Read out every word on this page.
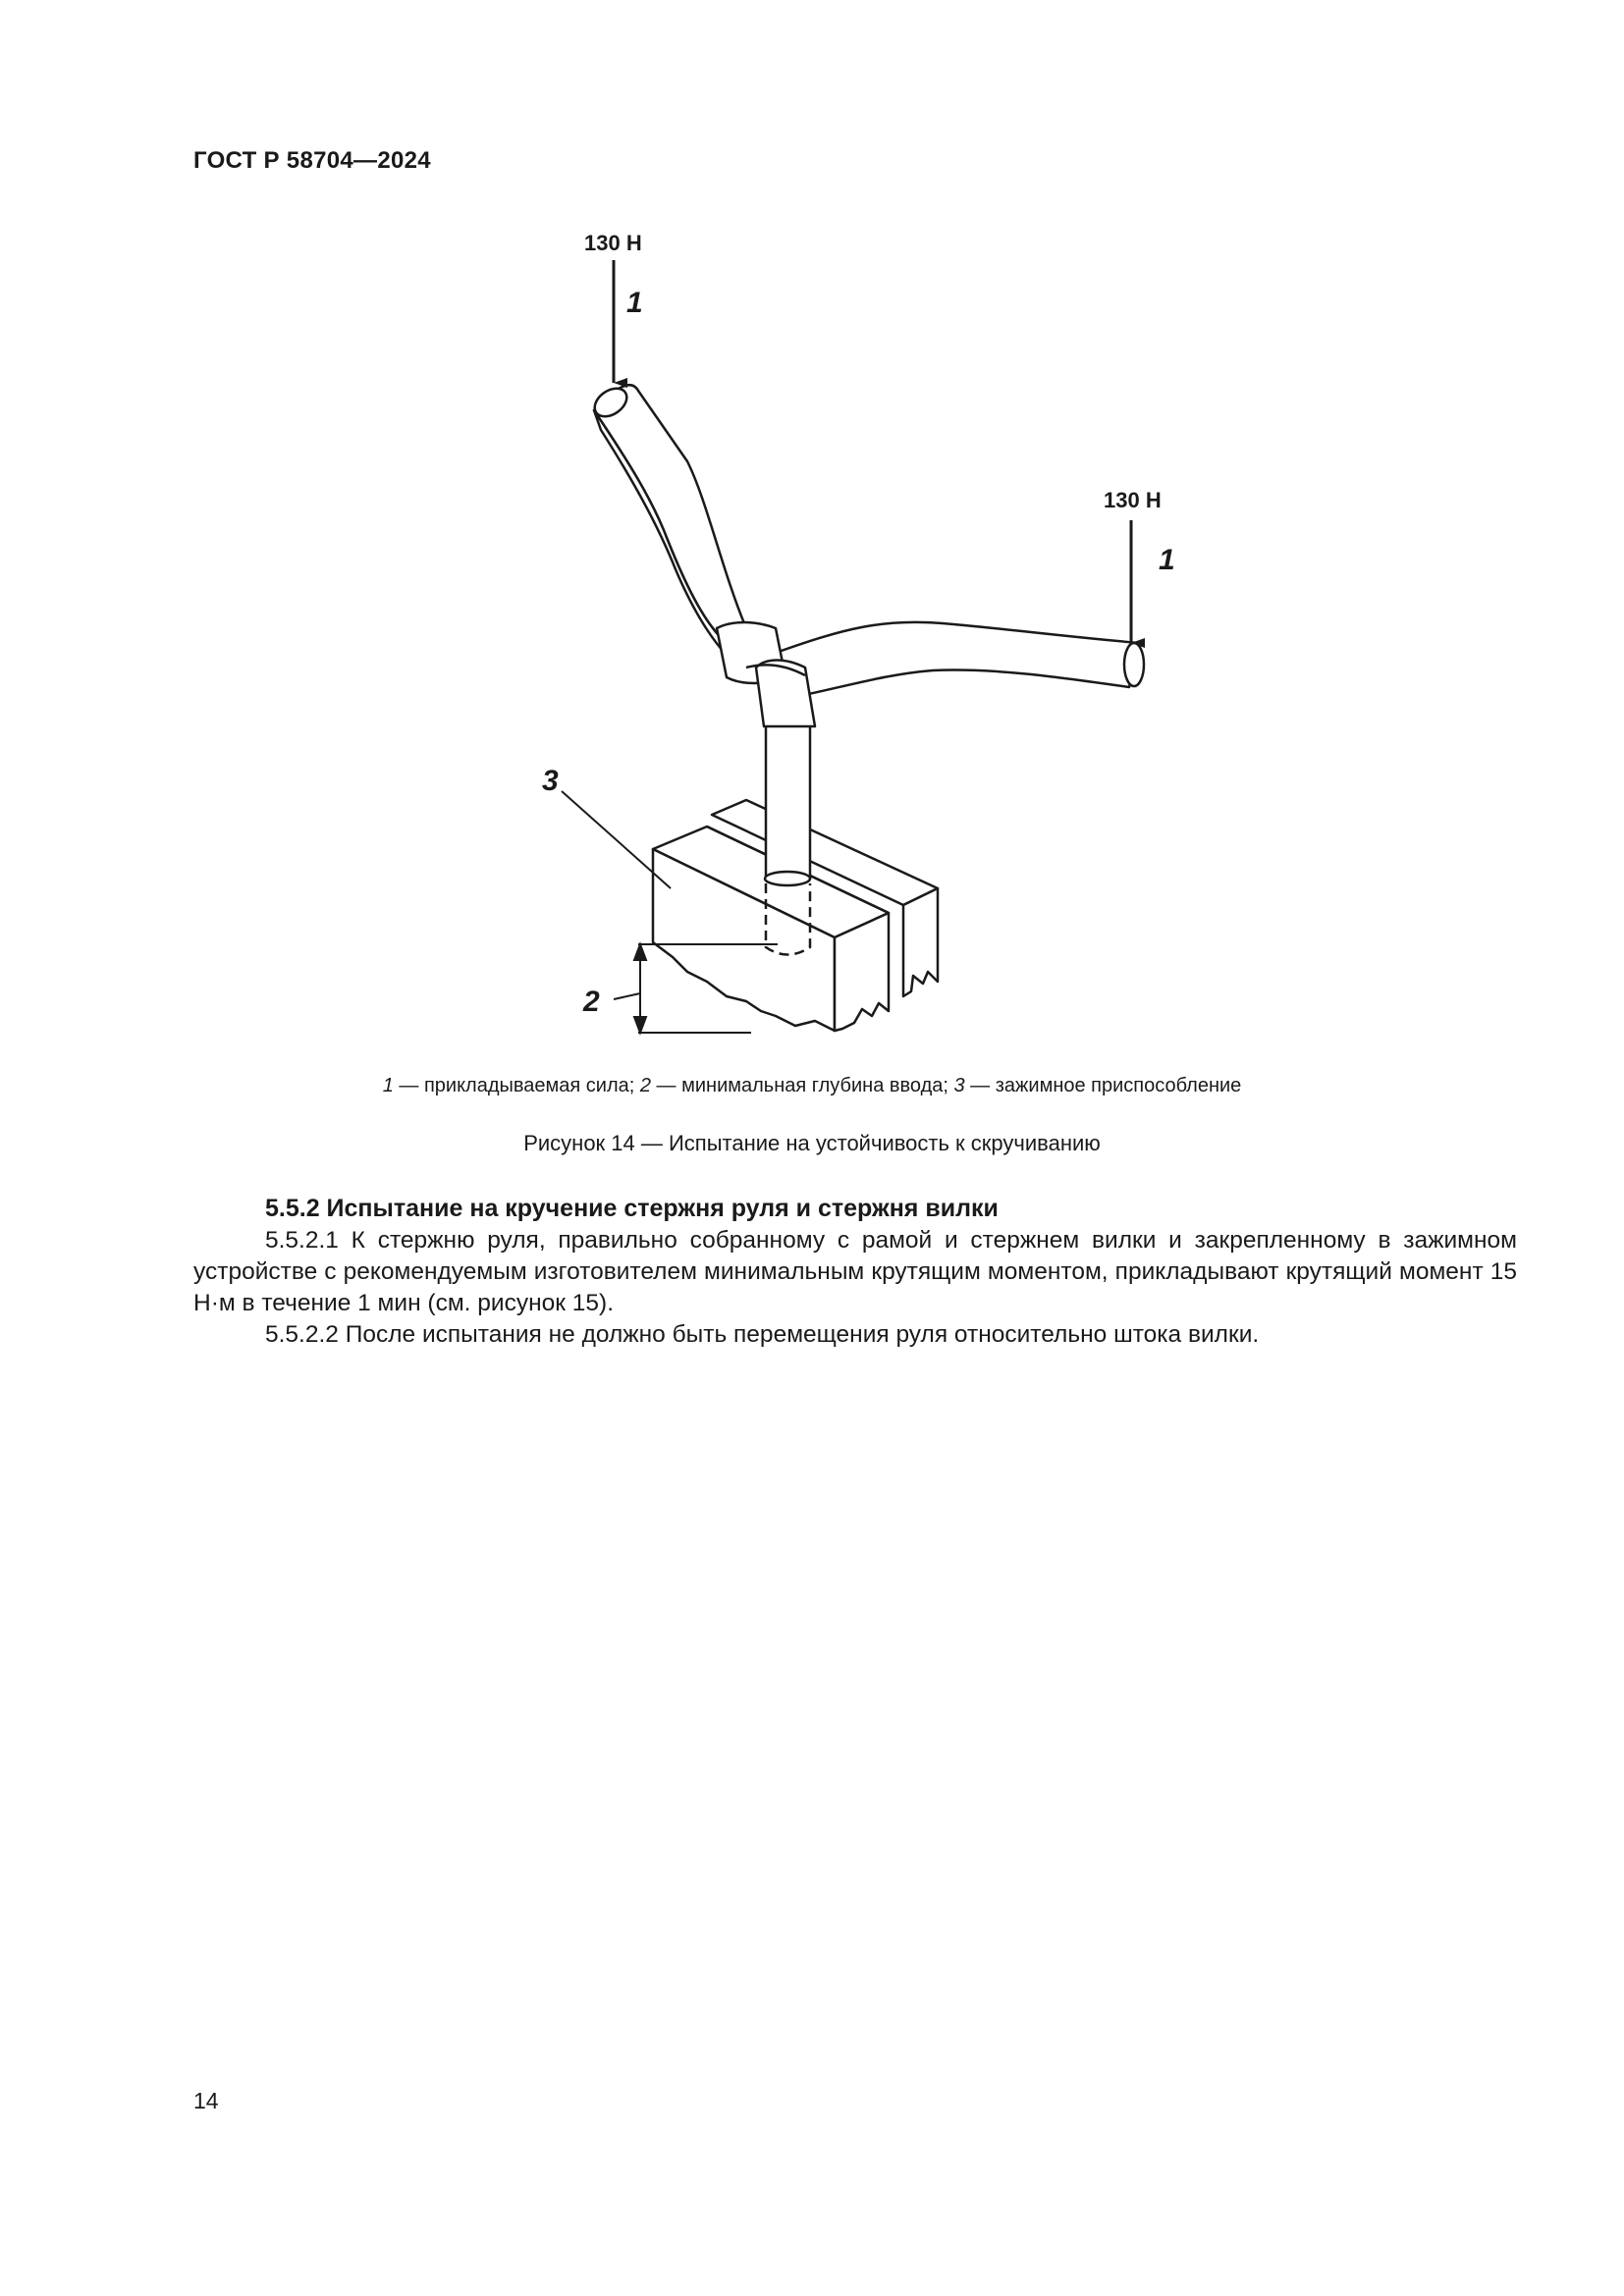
ГОСТ Р 58704—2024
130 Н
1
130 Н
1
3
2
1 — прикладываемая сила; 2 — минимальная глубина ввода; 3 — зажимное приспособление
Рисунок 14 — Испытание на устойчивость к скручиванию
5.5.2 Испытание на кручение стержня руля и стержня вилки

5.5.2.1 К стержню руля, правильно собранному с рамой и стержнем вилки и закрепленному в зажимном устройстве с рекомендуемым изготовителем минимальным крутящим моментом, прикладывают крутящий момент 15 Н·м в течение 1 мин (см. рисунок 15).

5.5.2.2 После испытания не должно быть перемещения руля относительно штока вилки.

14
